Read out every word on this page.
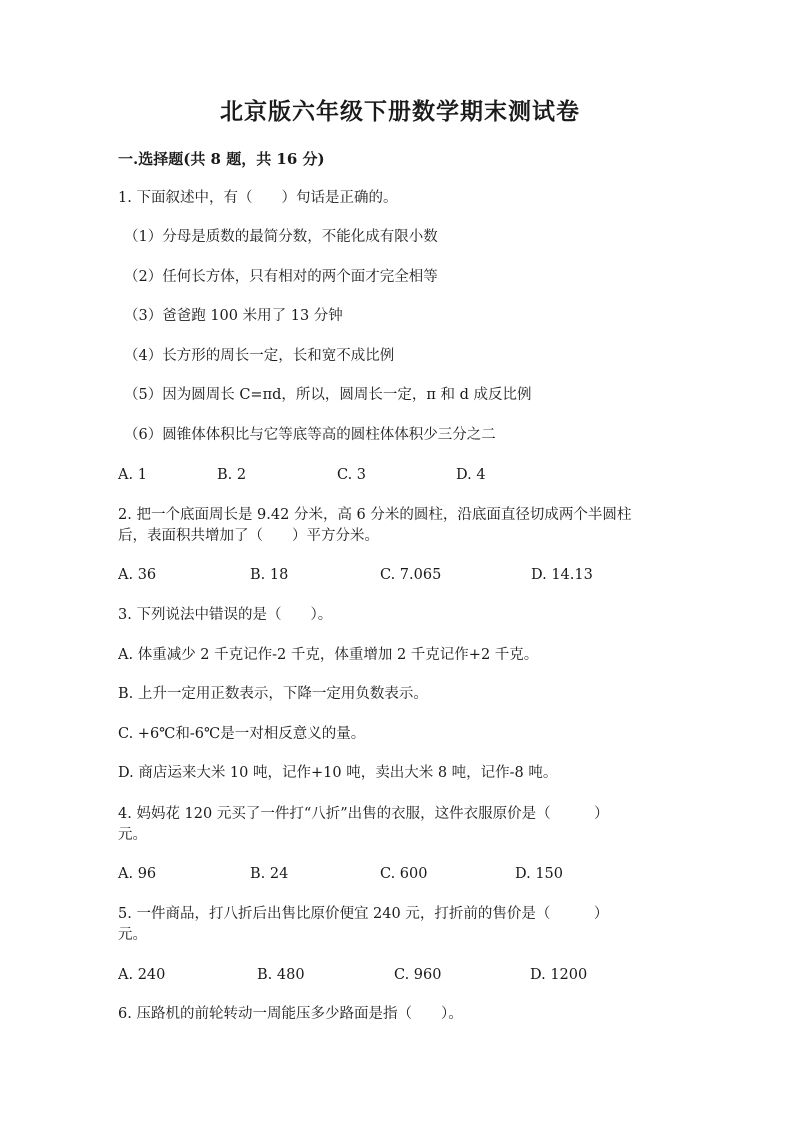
北京版六年级下册数学期末测试卷
一.选择题(共 8 题，共 16 分)
1. 下面叙述中，有（　　）句话是正确的。
（1）分母是质数的最简分数，不能化成有限小数
（2）任何长方体，只有相对的两个面才完全相等
（3）爸爸跑 100 米用了 13 分钟
（4）长方形的周长一定，长和宽不成比例
（5）因为圆周长 C=πd，所以，圆周长一定，π 和 d 成反比例
（6）圆锥体体积比与它等底等高的圆柱体体积少三分之二
A. 1	B. 2	C. 3	D. 4
2. 把一个底面周长是 9.42 分米，高 6 分米的圆柱，沿底面直径切成两个半圆柱
后，表面积共增加了（　　）平方分米。
A. 36	B. 18	C. 7.065	D. 14.13
3. 下列说法中错误的是（　　）。
A. 体重减少 2 千克记作-2 千克，体重增加 2 千克记作+2 千克。
B. 上升一定用正数表示，下降一定用负数表示。
C. +6℃和-6℃是一对相反意义的量。
D. 商店运来大米 10 吨，记作+10 吨，卖出大米 8 吨，记作-8 吨。
4. 妈妈花 120 元买了一件打“八折”出售的衣服，这件衣服原价是（　　　）
元。
A. 96	B. 24	C. 600	D. 150
5. 一件商品，打八折后出售比原价便宜 240 元，打折前的售价是（　　　）
元。
A. 240	B. 480	C. 960	D. 1200
6. 压路机的前轮转动一周能压多少路面是指（　　）。
